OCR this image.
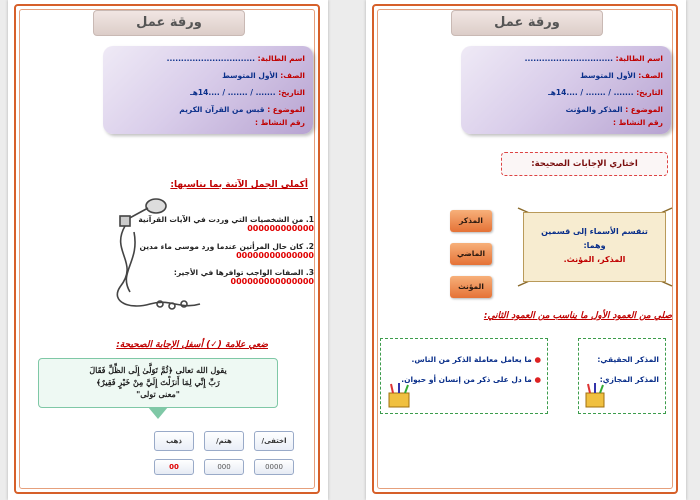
ورقة عمل
اسم الطالبة: ...............................
الصف: الأول المتوسط
التاريخ: ....... / ....... / ....14هـ
الموضوع : قبس من القرآن الكريم
رقم النشاط :
أكملي الجمل الآتية بما يناسبها:
1. من الشخصيات التي وردت في الآيات القرآنية
000000000000
2. كان حال المرأتين عندما ورد موسى ماء مدين
00000000000000
3. الصفات الواجب توافرها في الأجير:
000000000000000
ضعي علامة (✓) أسفل الإجابة الصحيحة:
يقول الله تعالى ﴿ثُمَّ تَوَلَّىٰ إِلَى الظِّلِّ فَقَالَ
رَبِّ إِنِّي لِمَا أَنزَلْتَ إِلَيَّ مِنْ خَيْرٍ فَقِيرٌ﴾
"معنى تولى"
/اختفى
/هتم
ذهب
0000
000
00
ورقة عمل
اسم الطالبة: ...............................
الصف: الأول المتوسط
التاريخ: ....... / ....... / ....14هـ
الموضوع : المذكر والمؤنث
رقم النشاط :
اختاري الإجابات الصحيحة:
المذكر
الماضي
المؤنث
تنقسم الأسماء إلى قسمين
وهما:
المذكر، المؤنث.
صلي من العمود الأول ما يناسب من العمود الثاني:
● ما يعامل معاملة الذكر من الناس.
● ما دل على ذكر من إنسان أو حيوان.
المذكر الحقيقي:
المذكر المجازي:
